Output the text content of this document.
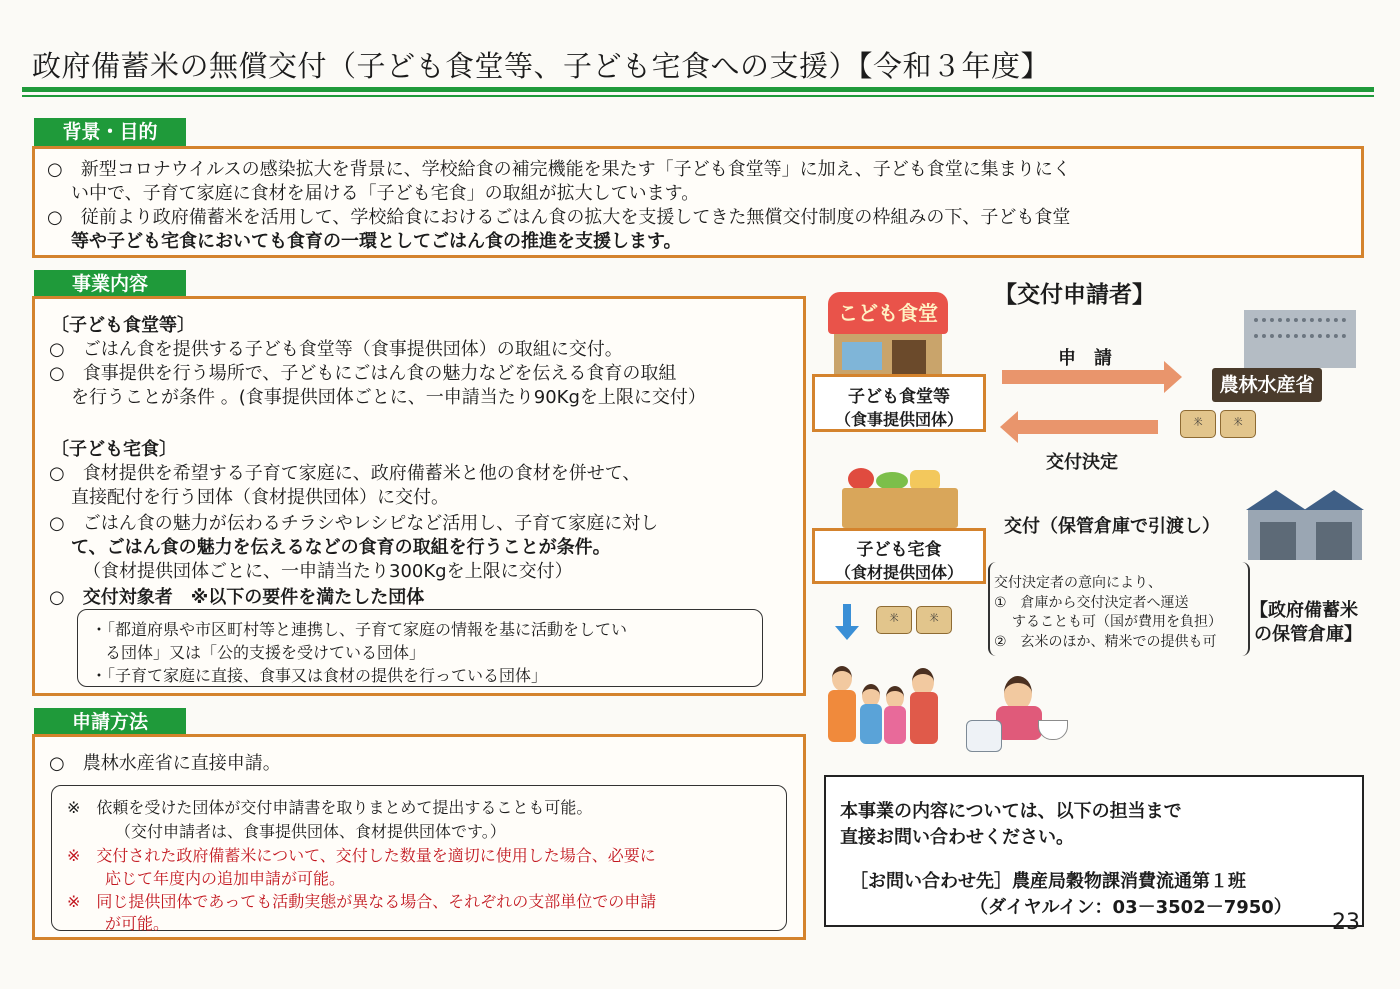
政府備蓄米の無償交付（子ども食堂等、子ども宅食への支援）【令和３年度】
背景・目的
○　新型コロナウイルスの感染拡大を背景に、学校給食の補完機能を果たす「子ども食堂等」に加え、子ども食堂に集まりにく
い中で、子育て家庭に食材を届ける「子ども宅食」の取組が拡大しています。
○　従前より政府備蓄米を活用して、学校給食におけるごはん食の拡大を支援してきた無償交付制度の枠組みの下、子ども食堂
等や子ども宅食においても食育の一環としてごはん食の推進を支援します。
事業内容
〔子ども食堂等〕
○　ごはん食を提供する子ども食堂等（食事提供団体）の取組に交付。
○　食事提供を行う場所で、子どもにごはん食の魅力などを伝える食育の取組
を行うことが条件 。(食事提供団体ごとに、一申請当たり90Kgを上限に交付）
〔子ども宅食〕
○　食材提供を希望する子育て家庭に、政府備蓄米と他の食材を併せて、
直接配付を行う団体（食材提供団体）に交付。
○　ごはん食の魅力が伝わるチラシやレシピなど活用し、子育て家庭に対し
て、ごはん食の魅力を伝えるなどの食育の取組を行うことが条件。
（食材提供団体ごとに、一申請当たり300Kgを上限に交付）
○　交付対象者　※以下の要件を満たした団体
・「都道府県や市区町村等と連携し、子育て家庭の情報を基に活動をしてい
る団体」又は「公的支援を受けている団体」
・「子育て家庭に直接、食事又は食材の提供を行っている団体」
申請方法
○　農林水産省に直接申請。
※　依頼を受けた団体が交付申請書を取りまとめて提出することも可能。
（交付申請者は、食事提供団体、食材提供団体です。）
※　交付された政府備蓄米について、交付した数量を適切に使用した場合、必要に
応じて年度内の追加申請が可能。
※　同じ提供団体であっても活動実態が異なる場合、それぞれの支部単位での申請
が可能。
【交付申請者】
こども食堂
子ども食堂等
（食事提供団体）
申　請
交付決定
農林水産省
米	米
子ども宅食
（食材提供団体）
米	米
交付（保管倉庫で引渡し）
交付決定者の意向により、
①　倉庫から交付決定者へ運送
することも可（国が費用を負担）
②　玄米のほか、精米での提供も可
【政府備蓄米
の保管倉庫】
本事業の内容については、以下の担当まで
直接お問い合わせください。
［お問い合わせ先］農産局穀物課消費流通第１班
（ダイヤルイン：03－3502－7950）
23
